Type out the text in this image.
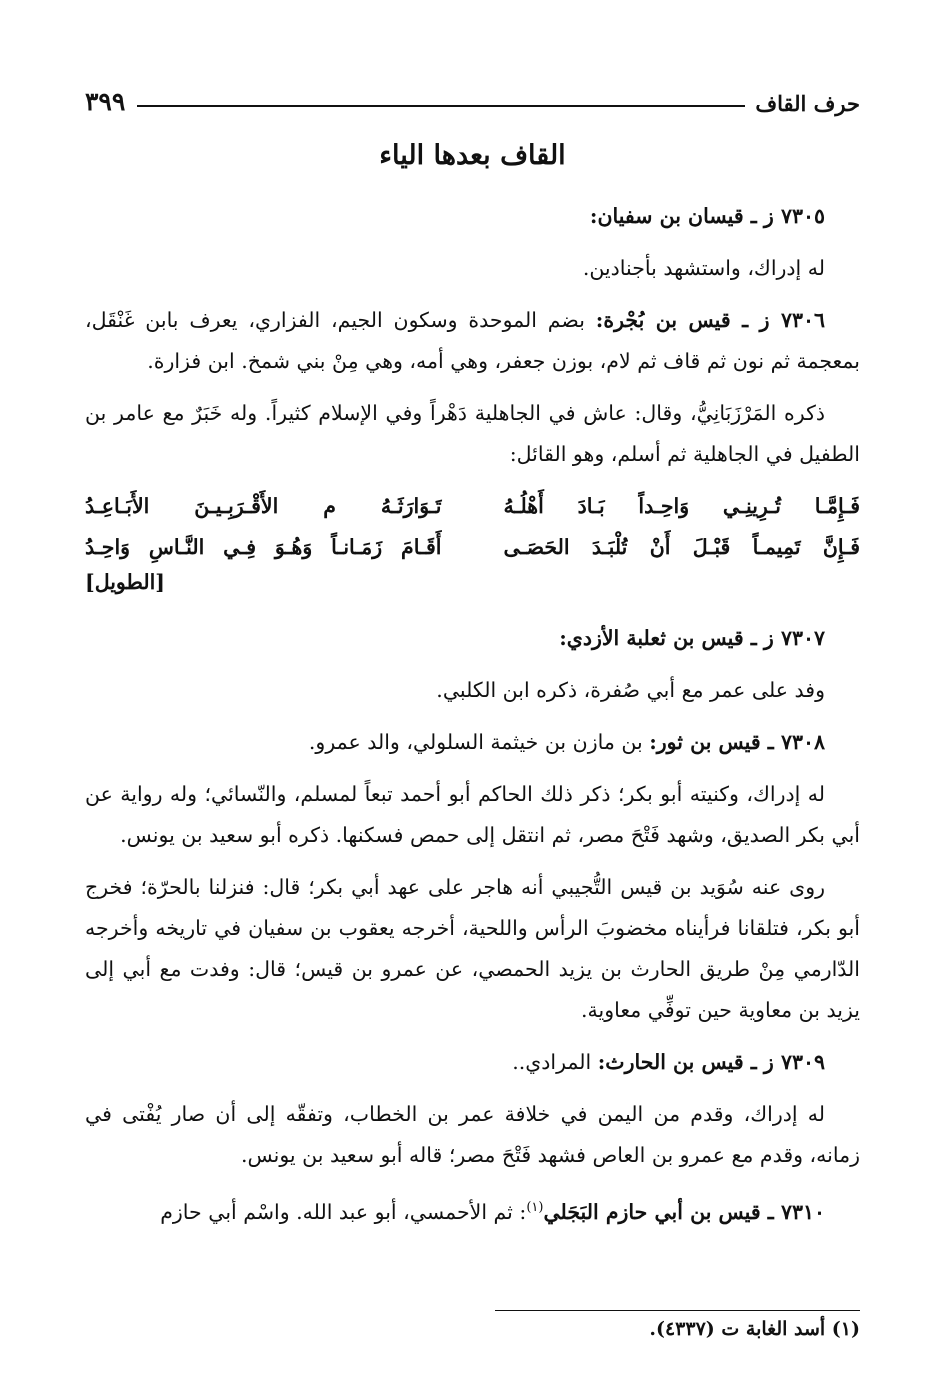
حرف القاف
٣٩٩
القاف بعدها الياء

٧٣٠٥ ز ـ قيسان بن سفيان:

له إدراك، واستشهد بأجنادين.

٧٣٠٦ ز ـ قيس بن بُجْرة: بضم الموحدة وسكون الجيم، الفزاري، يعرف بابن غَنْقَل، بمعجمة ثم نون ثم قاف ثم لام، بوزن جعفر، وهي أمه، وهي مِنْ بني شمخ. ابن فزارة.

ذكره المَرْزَبَانِيُّ، وقال: عاش في الجاهلية دَهْراً وفي الإسلام كثيراً. وله خَبَرٌ مع عامر بن الطفيل في الجاهلية ثم أسلم، وهو القائل:

فَـإِمَّـا تُـرِينِـي وَاحِـداً بَـادَ أَهْلُـهُ
تَـوَارَثَـهُ م الأَقْـرَبِـيـنَ الأَبَـاعِـدُ
فَـإِنَّ تَمِيمـاً قَبْـلَ أَنْ تُلْبَـدَ الحَصَـى
أَقَـامَ زَمَـانـاً وَهُـوَ فِـي النَّـاسِ وَاحِـدُ
[الطويل]

٧٣٠٧ ز ـ قيس بن ثعلبة الأزدي:

وفد على عمر مع أبي صُفرة، ذكره ابن الكلبي.

٧٣٠٨ ـ قيس بن ثور: بن مازن بن خيثمة السلولي، والد عمرو.

له إدراك، وكنيته أبو بكر؛ ذكر ذلك الحاكم أبو أحمد تبعاً لمسلم، والنّسائي؛ وله رواية عن أبي بكر الصديق، وشهد فَتْحَ مصر، ثم انتقل إلى حمص فسكنها. ذكره أبو سعيد بن يونس.

روى عنه سُوَيد بن قيس التُّجيبي أنه هاجر على عهد أبي بكر؛ قال: فنزلنا بالحرّة؛ فخرج أبو بكر، فتلقانا فرأيناه مخضوبَ الرأس واللحية، أخرجه يعقوب بن سفيان في تاريخه وأخرجه الدّارمي مِنْ طريق الحارث بن يزيد الحمصي، عن عمرو بن قيس؛ قال: وفدت مع أبي إلى يزيد بن معاوية حين توفِّي معاوية.

٧٣٠٩ ز ـ قيس بن الحارث: المرادي..

له إدراك، وقدم من اليمن في خلافة عمر بن الخطاب، وتفقّه إلى أن صار يُفْتى في زمانه، وقدم مع عمرو بن العاص فشهد فَتْحَ مصر؛ قاله أبو سعيد بن يونس.

٧٣١٠ ـ قيس بن أبي حازم البَجَلي$^{(١)}$: ثم الأحمسي، أبو عبد الله. واسْم أبي حازم

(١) أسد الغابة ت (٤٣٣٧).
